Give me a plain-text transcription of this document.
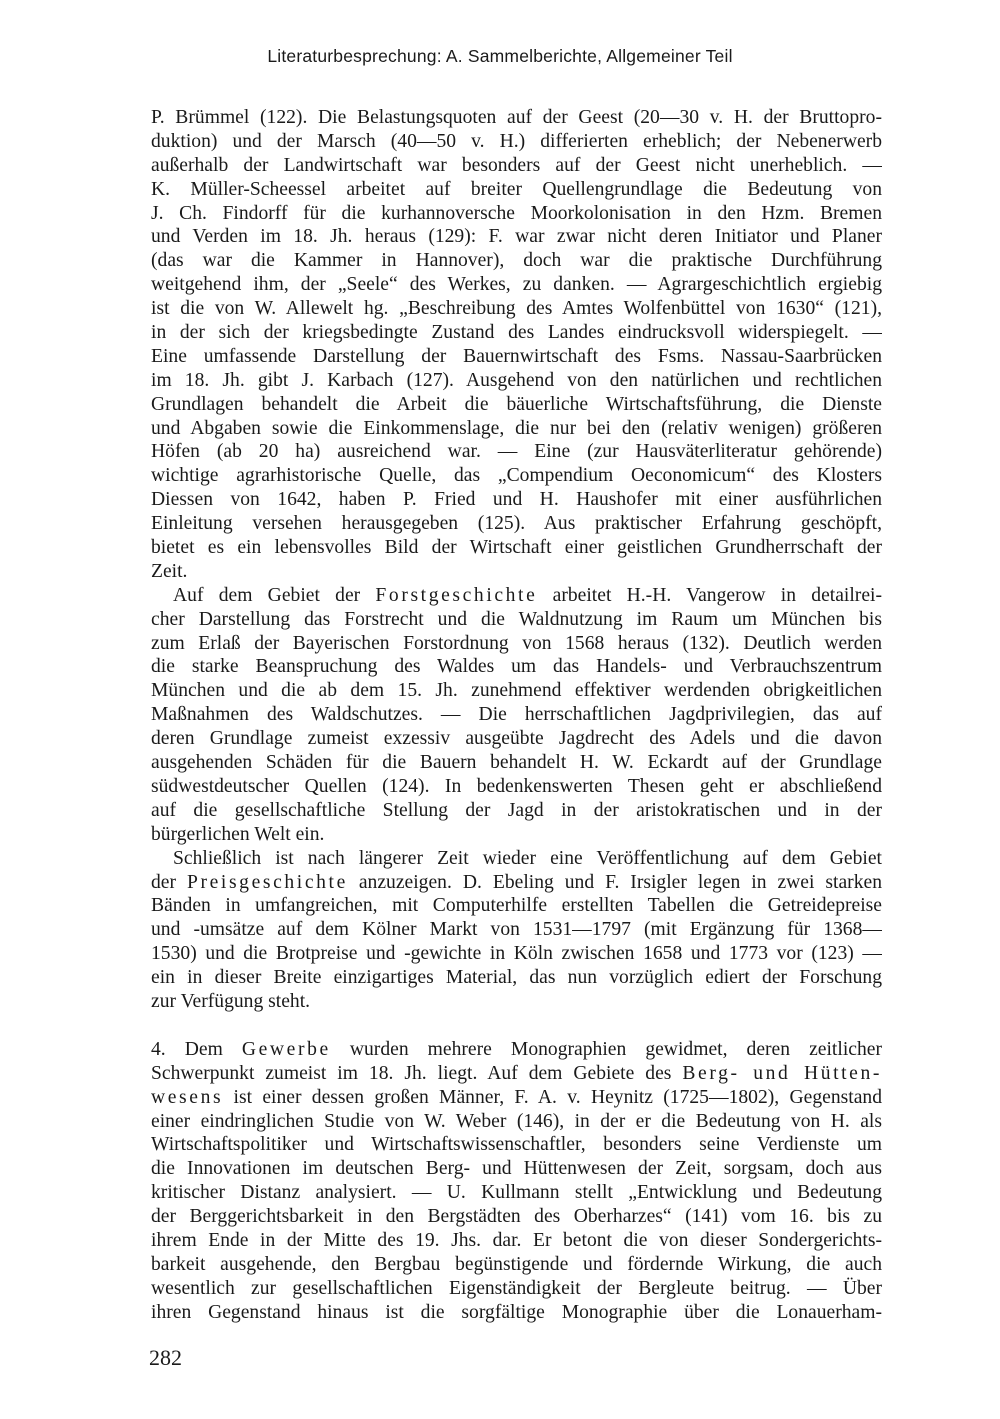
Literaturbesprechung: A. Sammelberichte, Allgemeiner Teil
P. Brümmel (122). Die Belastungsquoten auf der Geest (20—30 v. H. der Bruttopro-
duktion) und der Marsch (40—50 v. H.) differierten erheblich; der Nebenerwerb
außerhalb der Landwirtschaft war besonders auf der Geest nicht unerheblich. —
K. Müller-Scheessel arbeitet auf breiter Quellengrundlage die Bedeutung von
J. Ch. Findorff für die kurhannoversche Moorkolonisation in den Hzm. Bremen
und Verden im 18. Jh. heraus (129): F. war zwar nicht deren Initiator und Planer
(das war die Kammer in Hannover), doch war die praktische Durchführung
weitgehend ihm, der „Seele“ des Werkes, zu danken. — Agrargeschichtlich ergiebig
ist die von W. Allewelt hg. „Beschreibung des Amtes Wolfenbüttel von 1630“ (121),
in der sich der kriegsbedingte Zustand des Landes eindrucksvoll widerspiegelt. —
Eine umfassende Darstellung der Bauernwirtschaft des Fsms. Nassau-Saarbrücken
im 18. Jh. gibt J. Karbach (127). Ausgehend von den natürlichen und rechtlichen
Grundlagen behandelt die Arbeit die bäuerliche Wirtschaftsführung, die Dienste
und Abgaben sowie die Einkommenslage, die nur bei den (relativ wenigen) größeren
Höfen (ab 20 ha) ausreichend war. — Eine (zur Hausväterliteratur gehörende)
wichtige agrarhistorische Quelle, das „Compendium Oeconomicum“ des Klosters
Diessen von 1642, haben P. Fried und H. Haushofer mit einer ausführlichen
Einleitung versehen herausgegeben (125). Aus praktischer Erfahrung geschöpft,
bietet es ein lebensvolles Bild der Wirtschaft einer geistlichen Grundherrschaft der
Zeit.
Auf dem Gebiet der Forstgeschichte arbeitet H.-H. Vangerow in detailrei-
cher Darstellung das Forstrecht und die Waldnutzung im Raum um München bis
zum Erlaß der Bayerischen Forstordnung von 1568 heraus (132). Deutlich werden
die starke Beanspruchung des Waldes um das Handels- und Verbrauchszentrum
München und die ab dem 15. Jh. zunehmend effektiver werdenden obrigkeitlichen
Maßnahmen des Waldschutzes. — Die herrschaftlichen Jagdprivilegien, das auf
deren Grundlage zumeist exzessiv ausgeübte Jagdrecht des Adels und die davon
ausgehenden Schäden für die Bauern behandelt H. W. Eckardt auf der Grundlage
südwestdeutscher Quellen (124). In bedenkenswerten Thesen geht er abschließend
auf die gesellschaftliche Stellung der Jagd in der aristokratischen und in der
bürgerlichen Welt ein.
Schließlich ist nach längerer Zeit wieder eine Veröffentlichung auf dem Gebiet
der Preisgeschichte anzuzeigen. D. Ebeling und F. Irsigler legen in zwei starken
Bänden in umfangreichen, mit Computerhilfe erstellten Tabellen die Getreidepreise
und -umsätze auf dem Kölner Markt von 1531—1797 (mit Ergänzung für 1368—
1530) und die Brotpreise und -gewichte in Köln zwischen 1658 und 1773 vor (123) —
ein in dieser Breite einzigartiges Material, das nun vorzüglich ediert der Forschung
zur Verfügung steht.
4. Dem Gewerbe wurden mehrere Monographien gewidmet, deren zeitlicher
Schwerpunkt zumeist im 18. Jh. liegt. Auf dem Gebiete des Berg- und Hütten-
wesens ist einer dessen großen Männer, F. A. v. Heynitz (1725—1802), Gegenstand
einer eindringlichen Studie von W. Weber (146), in der er die Bedeutung von H. als
Wirtschaftspolitiker und Wirtschaftswissenschaftler, besonders seine Verdienste um
die Innovationen im deutschen Berg- und Hüttenwesen der Zeit, sorgsam, doch aus
kritischer Distanz analysiert. — U. Kullmann stellt „Entwicklung und Bedeutung
der Berggerichtsbarkeit in den Bergstädten des Oberharzes“ (141) vom 16. bis zu
ihrem Ende in der Mitte des 19. Jhs. dar. Er betont die von dieser Sondergerichts-
barkeit ausgehende, den Bergbau begünstigende und fördernde Wirkung, die auch
wesentlich zur gesellschaftlichen Eigenständigkeit der Bergleute beitrug. — Über
ihren Gegenstand hinaus ist die sorgfältige Monographie über die Lonauerham-
282
